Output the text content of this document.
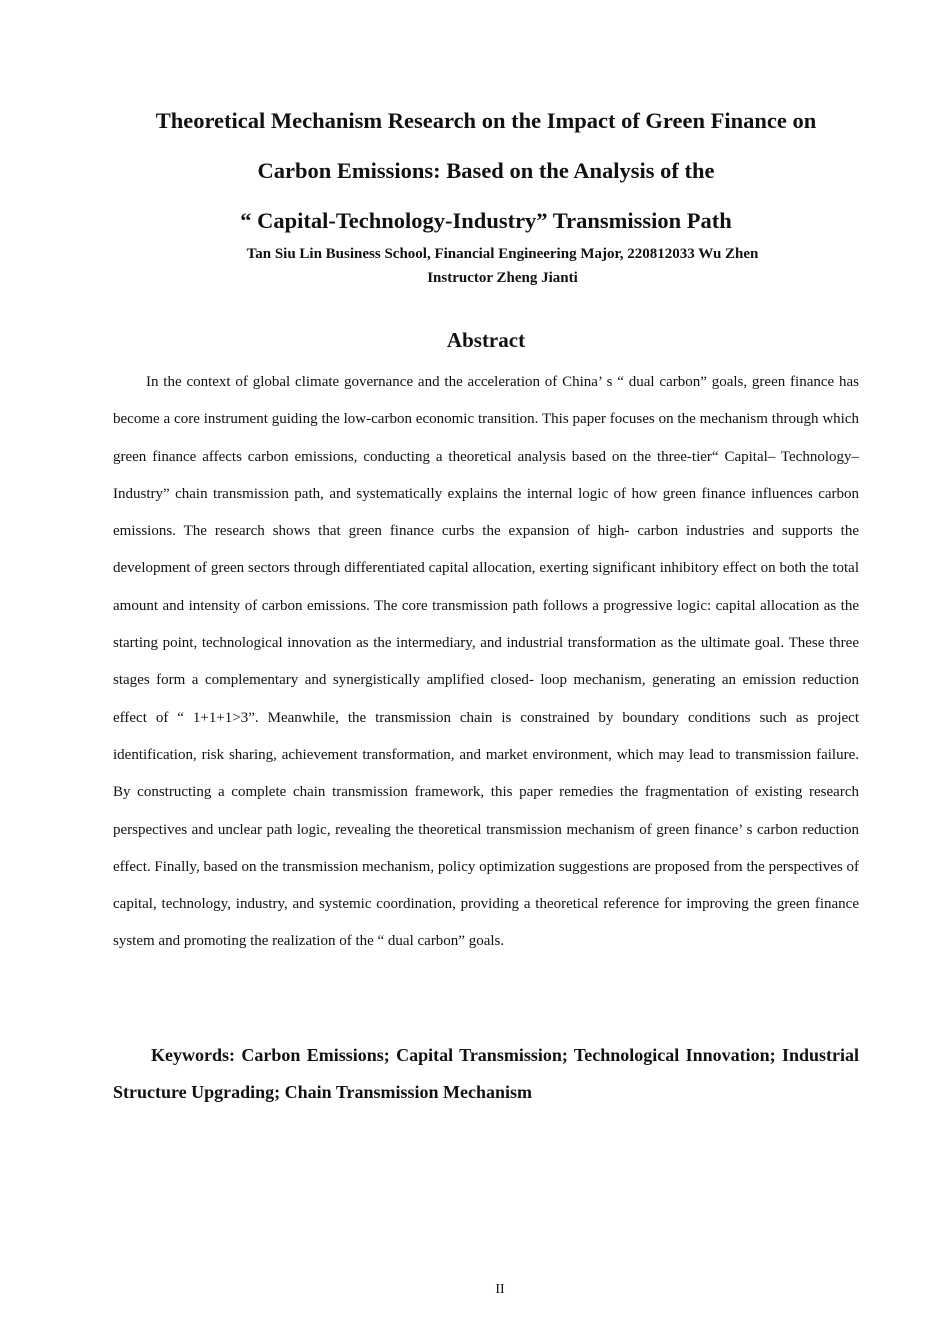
Theoretical Mechanism Research on the Impact of Green Finance on
Carbon Emissions: Based on the Analysis of the
“ Capital-Technology-Industry” Transmission Path
Tan Siu Lin Business School, Financial Engineering Major, 220812033 Wu Zhen
Instructor Zheng Jianti
Abstract

In the context of global climate governance and the acceleration of China’ s “ dual carbon” goals, green finance has become a core instrument guiding the low-carbon economic transition. This paper focuses on the mechanism through which green finance affects carbon emissions, conducting a theoretical analysis based on the three-tier“ Capital– Technology– Industry” chain transmission path, and systematically explains the internal logic of how green finance influences carbon emissions. The research shows that green finance curbs the expansion of high- carbon industries and supports the development of green sectors through differentiated capital allocation, exerting significant inhibitory effect on both the total amount and intensity of carbon emissions. The core transmission path follows a progressive logic: capital allocation as the starting point, technological innovation as the intermediary, and industrial transformation as the ultimate goal. These three stages form a complementary and synergistically amplified closed- loop mechanism, generating an emission reduction effect of “ 1+1+1>3”. Meanwhile, the transmission chain is constrained by boundary conditions such as project identification, risk sharing, achievement transformation, and market environment, which may lead to transmission failure. By constructing a complete chain transmission framework, this paper remedies the fragmentation of existing research perspectives and unclear path logic, revealing the theoretical transmission mechanism of green finance’ s carbon reduction effect. Finally, based on the transmission mechanism, policy optimization suggestions are proposed from the perspectives of capital, technology, industry, and systemic coordination, providing a theoretical reference for improving the green finance system and promoting the realization of the “ dual carbon” goals.

Keywords: Carbon Emissions; Capital Transmission; Technological Innovation; Industrial Structure Upgrading; Chain Transmission Mechanism

II
